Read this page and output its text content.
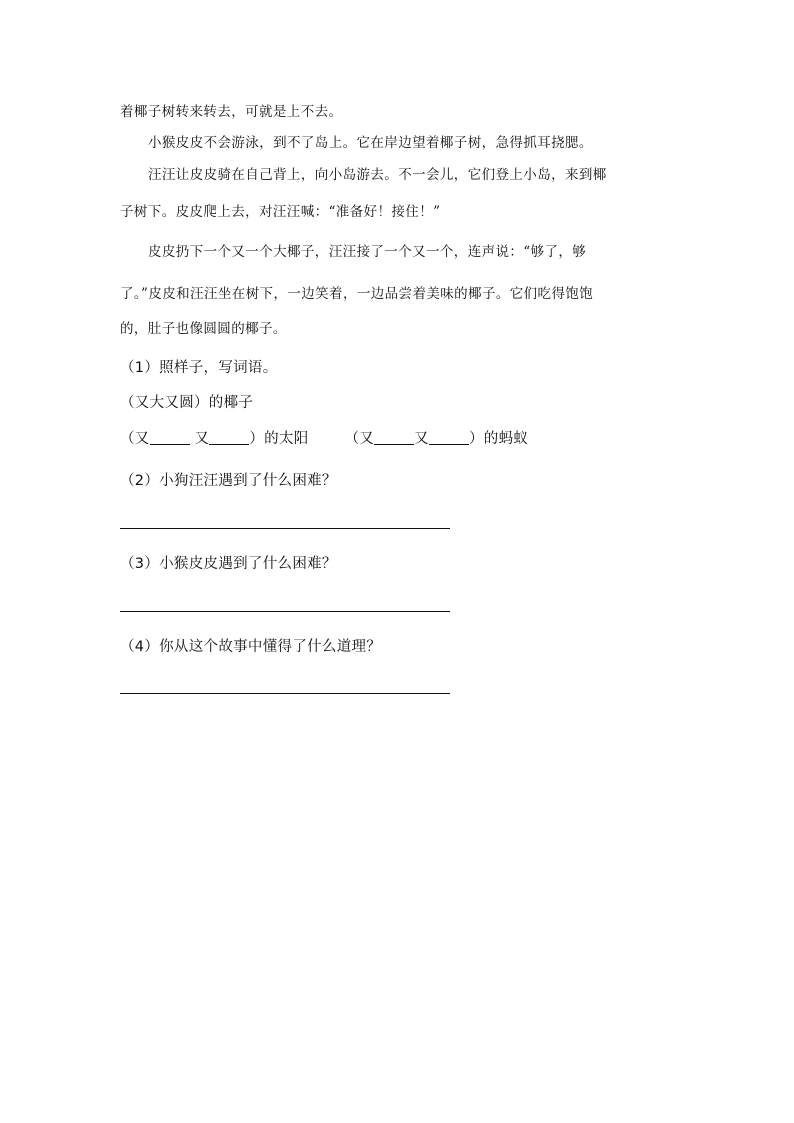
着椰子树转来转去，可就是上不去。
小猴皮皮不会游泳，到不了岛上。它在岸边望着椰子树，急得抓耳挠腮。
汪汪让皮皮骑在自己背上，向小岛游去。不一会儿，它们登上小岛，来到椰
子树下。皮皮爬上去，对汪汪喊：“准备好！接住！”
皮皮扔下一个又一个大椰子，汪汪接了一个又一个，连声说：“够了，够
了。”皮皮和汪汪坐在树下，一边笑着，一边品尝着美味的椰子。它们吃得饱饱
的，肚子也像圆圆的椰子。
（1）照样子，写词语。
（又大又圆）的椰子
（又	又	）的太阳 （又	又	）的蚂蚁
（2）小狗汪汪遇到了什么困难？
（3）小猴皮皮遇到了什么困难？
（4）你从这个故事中懂得了什么道理？
